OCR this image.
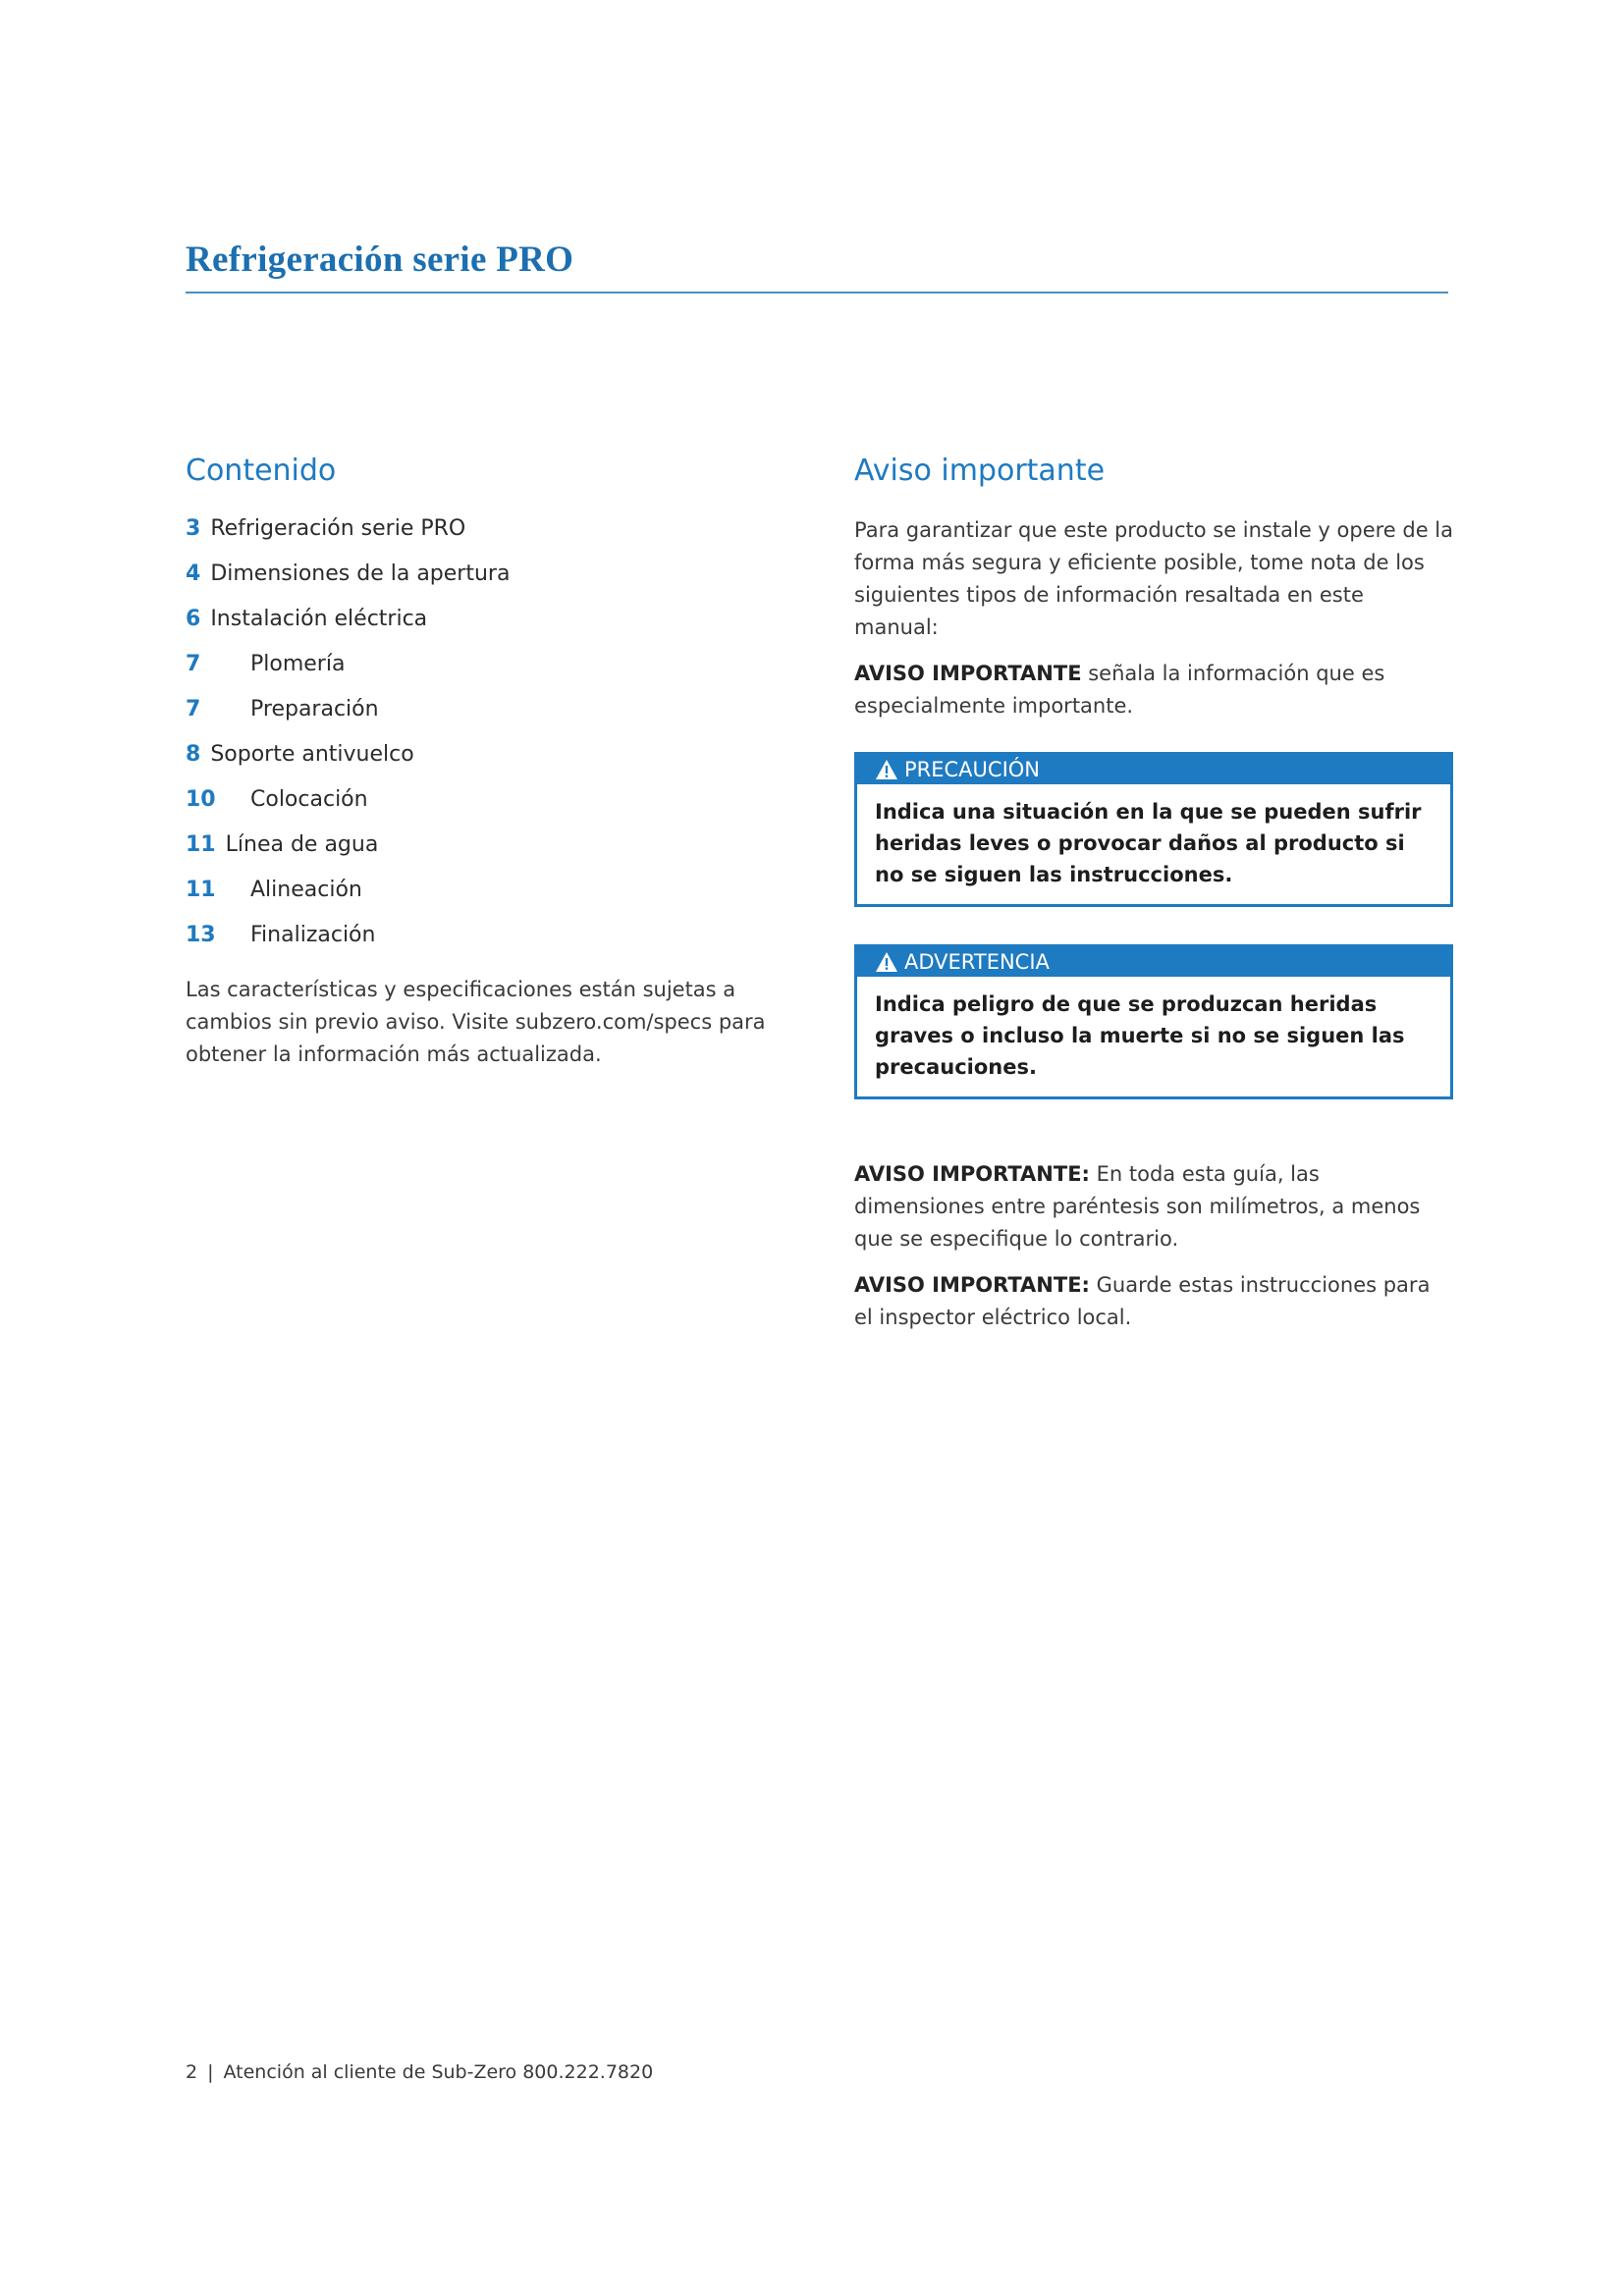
Refrigeración serie PRO
Contenido
3 Refrigeración serie PRO
4 Dimensiones de la apertura
6 Instalación eléctrica
7	Plomería
7	Preparación
8 Soporte antivuelco
10	Colocación
11 Línea de agua
11	Alineación
13	Finalización

Las características y especificaciones están sujetas a cambios sin previo aviso. Visite subzero.com/specs para obtener la información más actualizada.

Aviso importante

Para garantizar que este producto se instale y opere de la forma más segura y eficiente posible, tome nota de los siguientes tipos de información resaltada en este manual:

AVISO IMPORTANTE señala la información que es especialmente importante.

PRECAUCIÓN
Indica una situación en la que se pueden sufrir heridas leves o provocar daños al producto si no se siguen las instrucciones.
ADVERTENCIA
Indica peligro de que se produzcan heridas graves o incluso la muerte si no se siguen las precauciones.

AVISO IMPORTANTE: En toda esta guía, las dimensiones entre paréntesis son milímetros, a menos que se especifique lo contrario.

AVISO IMPORTANTE: Guarde estas instrucciones para el inspector eléctrico local.

2 | Atención al cliente de Sub-Zero 800.222.7820
